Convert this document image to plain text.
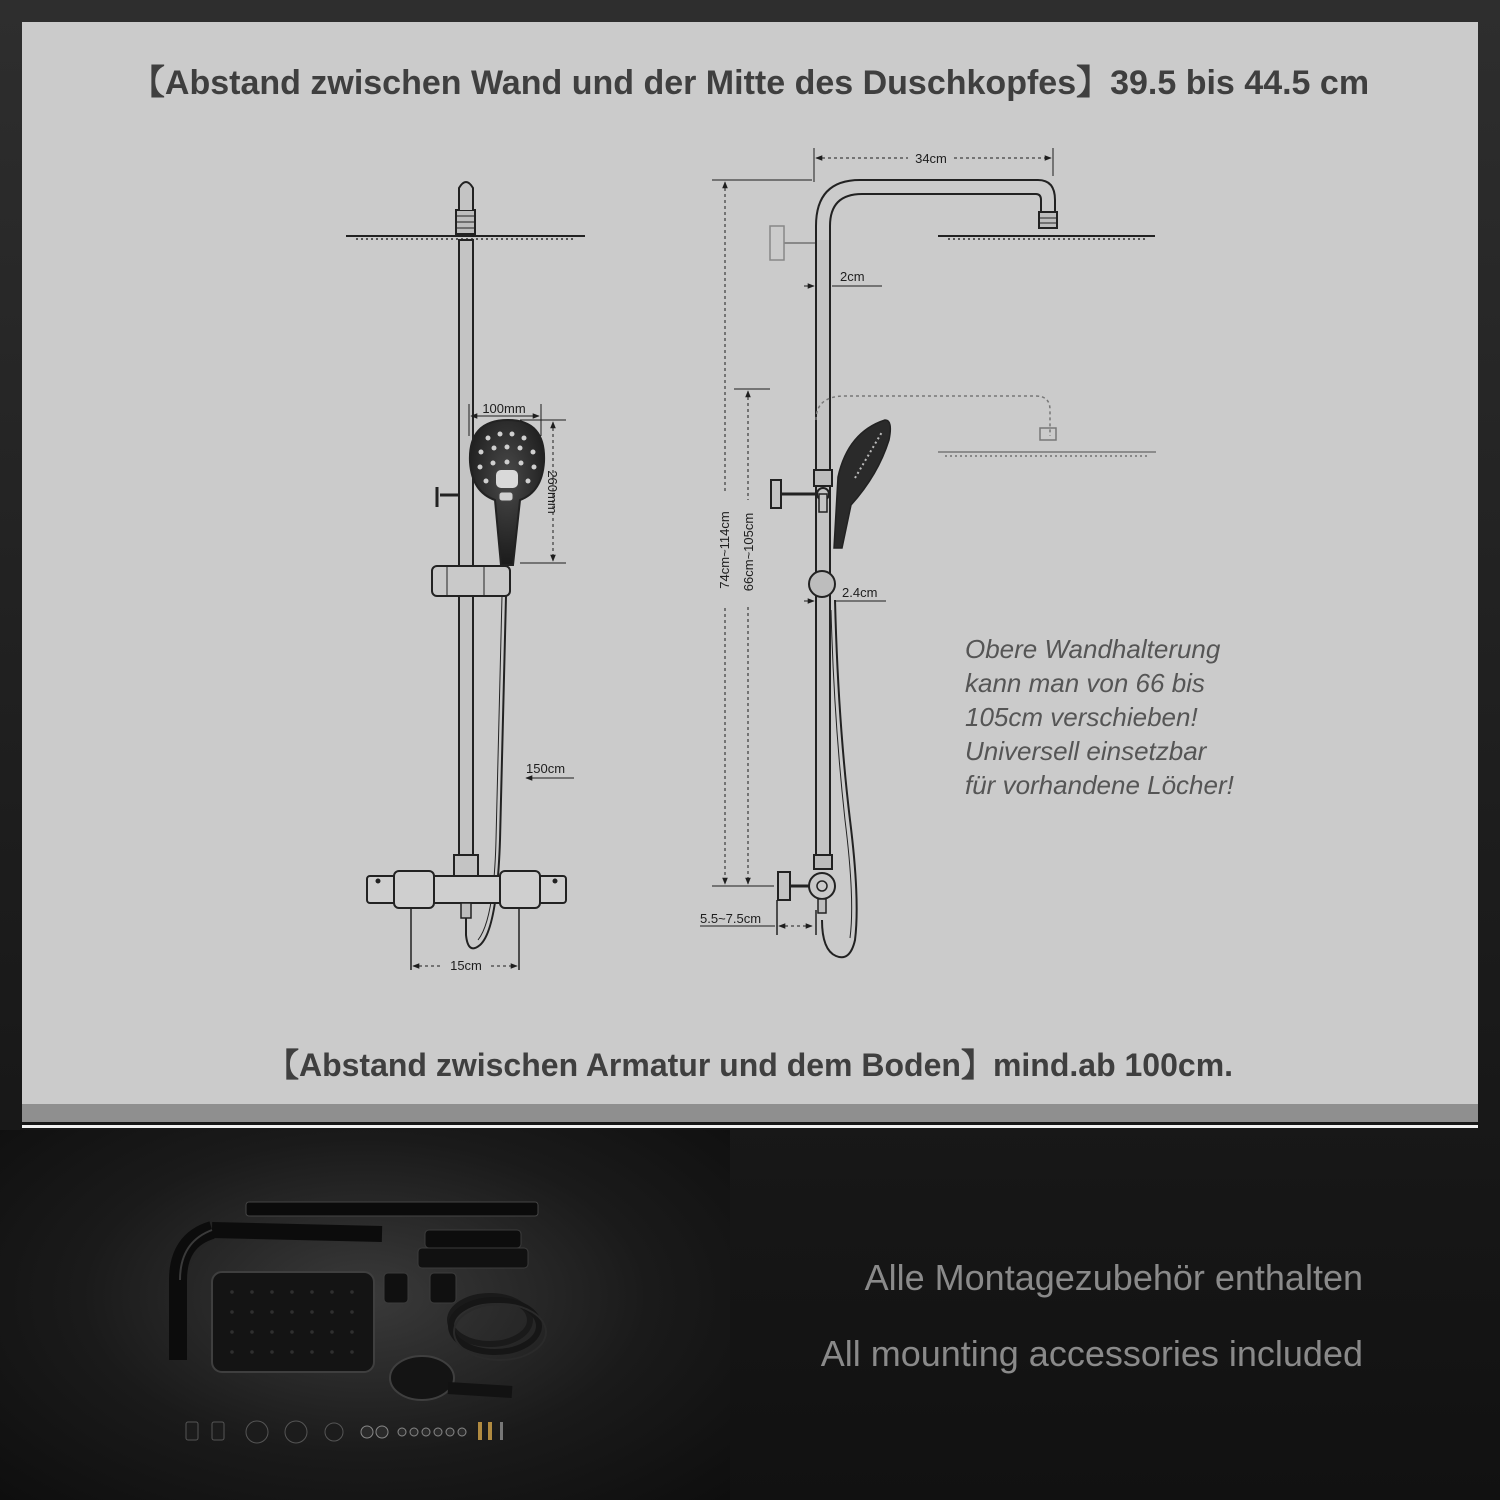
【Abstand zwischen Wand und der Mitte des Duschkopfes】39.5 bis 44.5 cm
100mm
260mm
150cm
15cm
34cm
2cm
74cm~114cm 66cm~105cm
2.4cm
5.5~7.5cm
Obere Wandhalterung
kann man von 66 bis
105cm verschieben!
Universell einsetzbar
für vorhandene Löcher!
【Abstand zwischen Armatur und dem Boden】mind.ab 100cm.
Alle Montagezubehör enthalten
All mounting accessories included
